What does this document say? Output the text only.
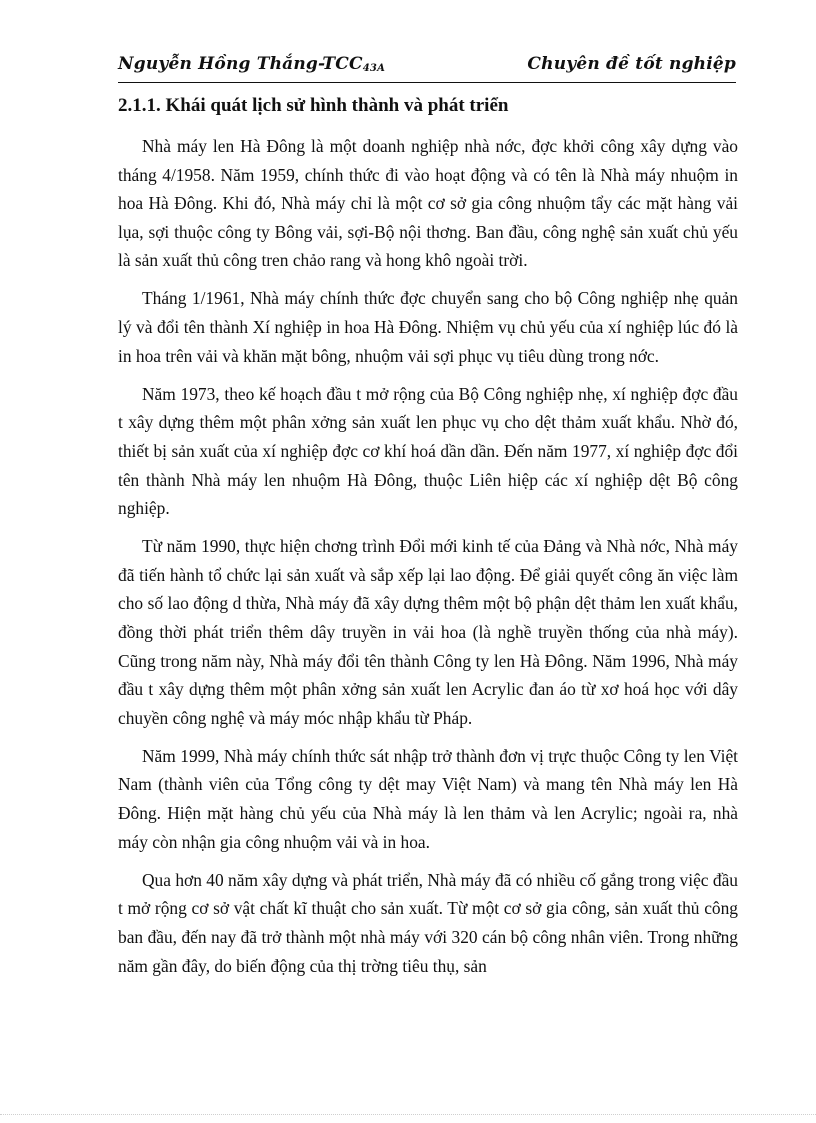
Nguyễn Hồng Thắng-TCC43A	Chuyên đề tốt nghiệp
2.1.1. Khái quát lịch sử hình thành và phát triển

Nhà máy len Hà Đông là một doanh nghiệp nhà nớc, đợc khởi công xây dựng vào tháng 4/1958. Năm 1959, chính thức đi vào hoạt động và có tên là Nhà máy nhuộm in hoa Hà Đông. Khi đó, Nhà máy chỉ là một cơ sở gia công nhuộm tẩy các mặt hàng vải lụa, sợi thuộc công ty Bông vải, sợi-Bộ nội thơng. Ban đầu, công nghệ sản xuất chủ yếu là sản xuất thủ công tren chảo rang và hong khô ngoài trời.

Tháng 1/1961, Nhà máy chính thức đợc chuyển sang cho bộ Công nghiệp nhẹ quản lý và đổi tên thành Xí nghiệp in hoa Hà Đông. Nhiệm vụ chủ yếu của xí nghiệp lúc đó là in hoa trên vải và khăn mặt bông, nhuộm vải sợi phục vụ tiêu dùng trong nớc.

Năm 1973, theo kế hoạch đầu t mở rộng của Bộ Công nghiệp nhẹ, xí nghiệp đợc đầu t xây dựng thêm một phân xởng sản xuất len phục vụ cho dệt thảm xuất khẩu. Nhờ đó, thiết bị sản xuất của xí nghiệp đợc cơ khí hoá dần dần. Đến năm 1977, xí nghiệp đợc đổi tên thành Nhà máy len nhuộm Hà Đông, thuộc Liên hiệp các xí nghiệp dệt Bộ công nghiệp.

Từ năm 1990, thực hiện chơng trình Đổi mới kinh tế của Đảng và Nhà nớc, Nhà máy đã tiến hành tổ chức lại sản xuất và sắp xếp lại lao động. Để giải quyết công ăn việc làm cho số lao động d thừa, Nhà máy đã xây dựng thêm một bộ phận dệt thảm len xuất khẩu, đồng thời phát triển thêm dây truyền in vải hoa (là nghề truyền thống của nhà máy). Cũng trong năm này, Nhà máy đổi tên thành Công ty len Hà Đông. Năm 1996, Nhà máy đầu t xây dựng thêm một phân xởng sản xuất len Acrylic đan áo từ xơ hoá học với dây chuyền công nghệ và máy móc nhập khẩu từ Pháp.

Năm 1999, Nhà máy chính thức sát nhập trở thành đơn vị trực thuộc Công ty len Việt Nam (thành viên của Tổng công ty dệt may Việt Nam) và mang tên Nhà máy len Hà Đông. Hiện mặt hàng chủ yếu của Nhà máy là len thảm và len Acrylic; ngoài ra, nhà máy còn nhận gia công nhuộm vải và in hoa.

Qua hơn 40 năm xây dựng và phát triển, Nhà máy đã có nhiều cố gắng trong việc đầu t mở rộng cơ sở vật chất kĩ thuật cho sản xuất. Từ một cơ sở gia công, sản xuất thủ công ban đầu, đến nay đã trở thành một nhà máy với 320 cán bộ công nhân viên. Trong những năm gần đây, do biến động của thị trờng tiêu thụ, sản
